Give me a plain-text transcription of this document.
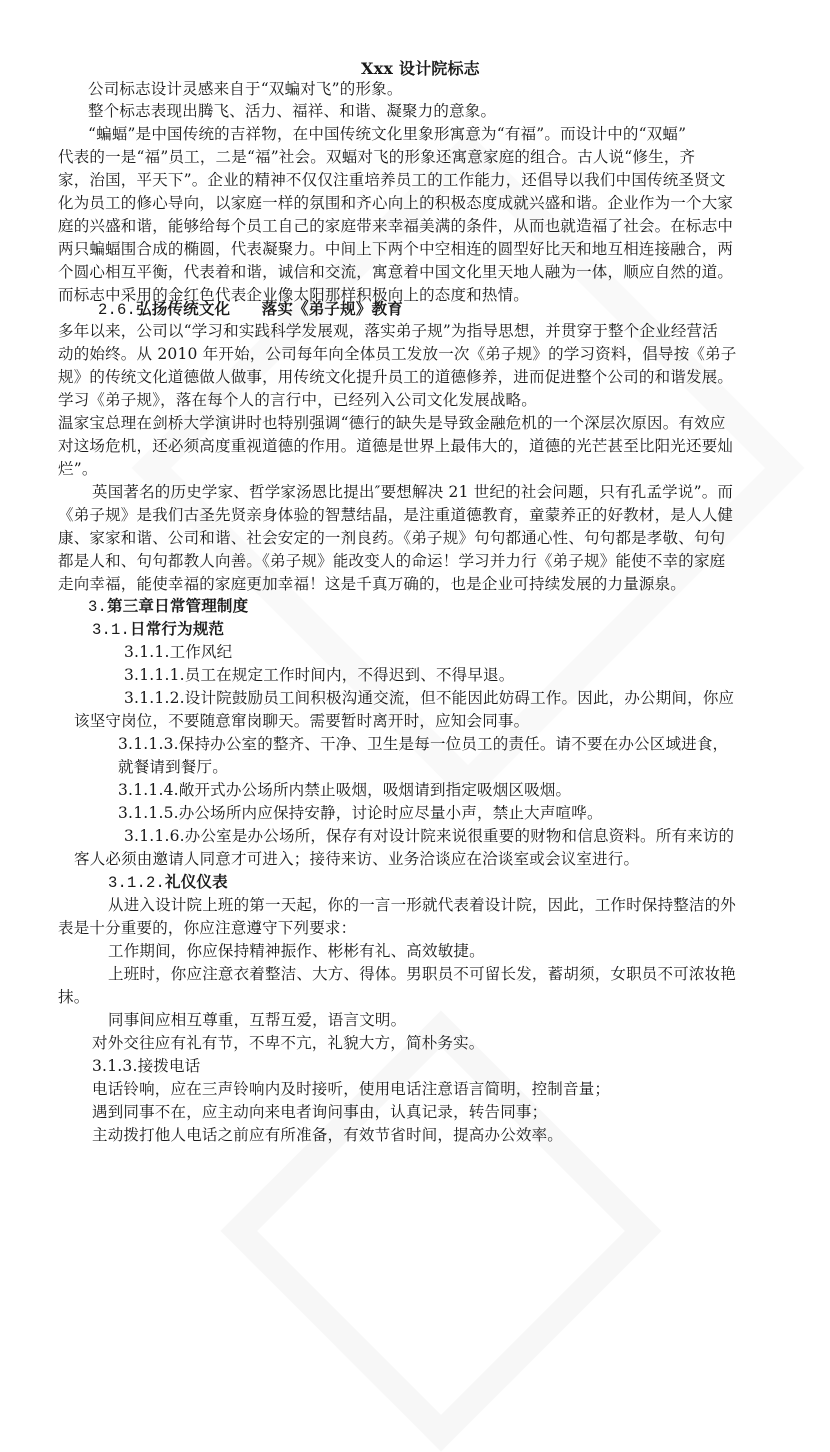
Xxx 设计院标志
公司标志设计灵感来自于“双蝙对飞”的形象。
整个标志表现出腾飞、活力、福祥、和谐、凝聚力的意象。
“蝙蝠”是中国传统的吉祥物，在中国传统文化里象形寓意为“有福”。而设计中的“双蝠”
代表的一是“福”员工，二是“福”社会。双蝠对飞的形象还寓意家庭的组合。古人说“修生，齐
家，治国，平天下”。企业的精神不仅仅注重培养员工的工作能力，还倡导以我们中国传统圣贤文
化为员工的修心导向，以家庭一样的氛围和齐心向上的积极态度成就兴盛和谐。企业作为一个大家
庭的兴盛和谐，能够给每个员工自己的家庭带来幸福美满的条件，从而也就造福了社会。在标志中
两只蝙蝠围合成的椭圆，代表凝聚力。中间上下两个中空相连的圆型好比天和地互相连接融合，两
个圆心相互平衡，代表着和谐，诚信和交流，寓意着中国文化里天地人融为一体，顺应自然的道。
而标志中采用的金红色代表企业像太阳那样积极向上的态度和热情。
2.6.弘扬传统文化　　落实《弟子规》教育
多年以来，公司以“学习和实践科学发展观，落实弟子规”为指导思想，并贯穿于整个企业经营活
动的始终。从 2010 年开始，公司每年向全体员工发放一次《弟子规》的学习资料，倡导按《弟子
规》的传统文化道德做人做事，用传统文化提升员工的道德修养，进而促进整个公司的和谐发展。
学习《弟子规》，落在每个人的言行中，已经列入公司文化发展战略。
温家宝总理在剑桥大学演讲时也特别强调“德行的缺失是导致金融危机的一个深层次原因。有效应
对这场危机，还必须高度重视道德的作用。道德是世界上最伟大的，道德的光芒甚至比阳光还要灿
烂”。
英国著名的历史学家、哲学家汤恩比提出″要想解决 21 世纪的社会问题，只有孔孟学说”。而
《弟子规》是我们古圣先贤亲身体验的智慧结晶，是注重道德教育，童蒙养正的好教材，是人人健
康、家家和谐、公司和谐、社会安定的一剂良药。《弟子规》句句都通心性、句句都是孝敬、句句
都是人和、句句都教人向善。《弟子规》能改变人的命运！学习并力行《弟子规》能使不幸的家庭
走向幸福，能使幸福的家庭更加幸福！这是千真万确的，也是企业可持续发展的力量源泉。
3.第三章日常管理制度
3.1.日常行为规范
3.1.1.工作风纪
3.1.1.1.员工在规定工作时间内，不得迟到、不得早退。
3.1.1.2.设计院鼓励员工间积极沟通交流，但不能因此妨碍工作。因此，办公期间，你应
该坚守岗位，不要随意窜岗聊天。需要暂时离开时，应知会同事。
3.1.1.3.保持办公室的整齐、干净、卫生是每一位员工的责任。请不要在办公区域进食，
就餐请到餐厅。
3.1.1.4.敞开式办公场所内禁止吸烟，吸烟请到指定吸烟区吸烟。
3.1.1.5.办公场所内应保持安静，讨论时应尽量小声，禁止大声喧哗。
3.1.1.6.办公室是办公场所，保存有对设计院来说很重要的财物和信息资料。所有来访的
客人必须由邀请人同意才可进入；接待来访、业务洽谈应在洽谈室或会议室进行。
3.1.2.礼仪仪表
从进入设计院上班的第一天起，你的一言一形就代表着设计院，因此，工作时保持整洁的外
表是十分重要的，你应注意遵守下列要求：
工作期间，你应保持精神振作、彬彬有礼、高效敏捷。
上班时，你应注意衣着整洁、大方、得体。男职员不可留长发，蓄胡须，女职员不可浓妆艳
抹。
同事间应相互尊重，互帮互爱，语言文明。
对外交往应有礼有节，不卑不亢，礼貌大方，简朴务实。
3.1.3.接拨电话
电话铃响，应在三声铃响内及时接听，使用电话注意语言简明，控制音量；
遇到同事不在，应主动向来电者询问事由，认真记录，转告同事；
主动拨打他人电话之前应有所准备，有效节省时间，提高办公效率。
